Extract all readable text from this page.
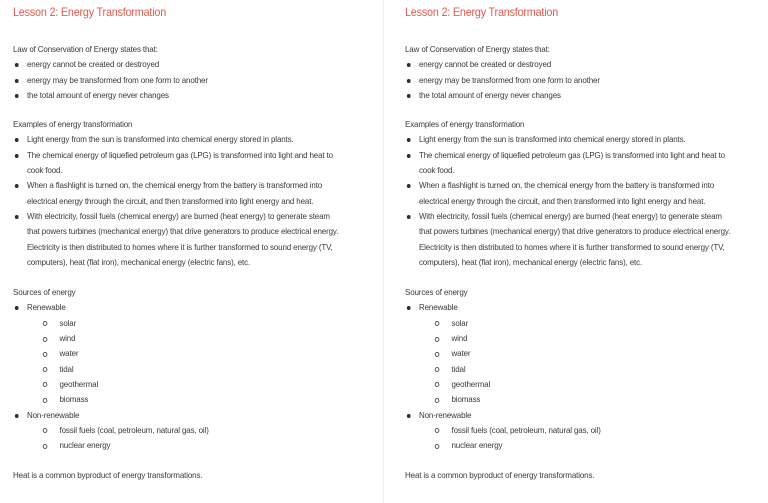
Lesson 2: Energy Transformation
Law of Conservation of Energy states that:
energy cannot be created or destroyed
energy may be transformed from one form to another
the total amount of energy never changes
Examples of energy transformation
Light energy from the sun is transformed into chemical energy stored in plants.
The chemical energy of liquefied petroleum gas (LPG) is transformed into light and heat to cook food.
When a flashlight is turned on, the chemical energy from the battery is transformed into electrical energy through the circuit, and then transformed into light energy and heat.
With electricity, fossil fuels (chemical energy) are burned (heat energy) to generate steam that powers turbines (mechanical energy) that drive generators to produce electrical energy. Electricity is then distributed to homes where it is further transformed to sound energy (TV, computers), heat (flat iron), mechanical energy (electric fans), etc.
Sources of energy
Renewable
solar
wind
water
tidal
geothermal
biomass
Non-renewable
fossil fuels (coal, petroleum, natural gas, oil)
nuclear energy
Heat is a common byproduct of energy transformations.
Lesson 2: Energy Transformation
Law of Conservation of Energy states that:
energy cannot be created or destroyed
energy may be transformed from one form to another
the total amount of energy never changes
Examples of energy transformation
Light energy from the sun is transformed into chemical energy stored in plants.
The chemical energy of liquefied petroleum gas (LPG) is transformed into light and heat to cook food.
When a flashlight is turned on, the chemical energy from the battery is transformed into electrical energy through the circuit, and then transformed into light energy and heat.
With electricity, fossil fuels (chemical energy) are burned (heat energy) to generate steam that powers turbines (mechanical energy) that drive generators to produce electrical energy. Electricity is then distributed to homes where it is further transformed to sound energy (TV, computers), heat (flat iron), mechanical energy (electric fans), etc.
Sources of energy
Renewable
solar
wind
water
tidal
geothermal
biomass
Non-renewable
fossil fuels (coal, petroleum, natural gas, oil)
nuclear energy
Heat is a common byproduct of energy transformations.
